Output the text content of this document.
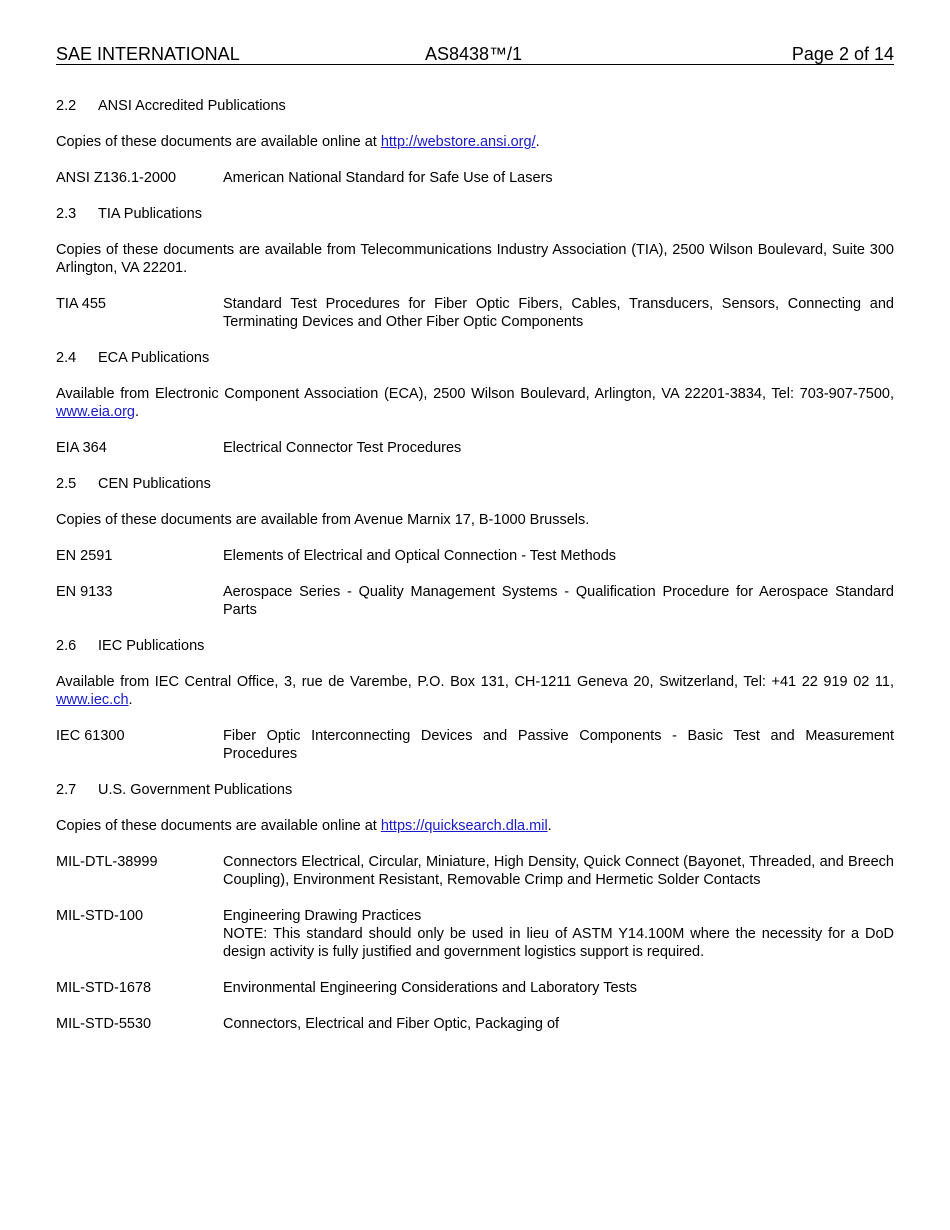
SAE INTERNATIONAL	AS8438™/1	Page 2 of 14
2.2	ANSI Accredited Publications

Copies of these documents are available online at http://webstore.ansi.org/.

ANSI Z136.1-2000	American National Standard for Safe Use of Lasers
2.3	TIA Publications

Copies of these documents are available from Telecommunications Industry Association (TIA), 2500 Wilson Boulevard, Suite 300 Arlington, VA 22201.

TIA 455	Standard Test Procedures for Fiber Optic Fibers, Cables, Transducers, Sensors, Connecting and Terminating Devices and Other Fiber Optic Components
2.4	ECA Publications

Available from Electronic Component Association (ECA), 2500 Wilson Boulevard, Arlington, VA 22201-3834, Tel: 703-907-7500, www.eia.org.

EIA 364	Electrical Connector Test Procedures
2.5	CEN Publications

Copies of these documents are available from Avenue Marnix 17, B-1000 Brussels.

EN 2591	Elements of Electrical and Optical Connection - Test Methods
EN 9133	Aerospace Series - Quality Management Systems - Qualification Procedure for Aerospace Standard Parts
2.6	IEC Publications

Available from IEC Central Office, 3, rue de Varembe, P.O. Box 131, CH-1211 Geneva 20, Switzerland, Tel: +41 22 919 02 11, www.iec.ch.

IEC 61300	Fiber Optic Interconnecting Devices and Passive Components - Basic Test and Measurement Procedures
2.7	U.S. Government Publications

Copies of these documents are available online at https://quicksearch.dla.mil.

MIL-DTL-38999	Connectors Electrical, Circular, Miniature, High Density, Quick Connect (Bayonet, Threaded, and Breech Coupling), Environment Resistant, Removable Crimp and Hermetic Solder Contacts
MIL-STD-100	Engineering Drawing Practices
NOTE: This standard should only be used in lieu of ASTM Y14.100M where the necessity for a DoD design activity is fully justified and government logistics support is required.
MIL-STD-1678	Environmental Engineering Considerations and Laboratory Tests
MIL-STD-5530	Connectors, Electrical and Fiber Optic, Packaging of
